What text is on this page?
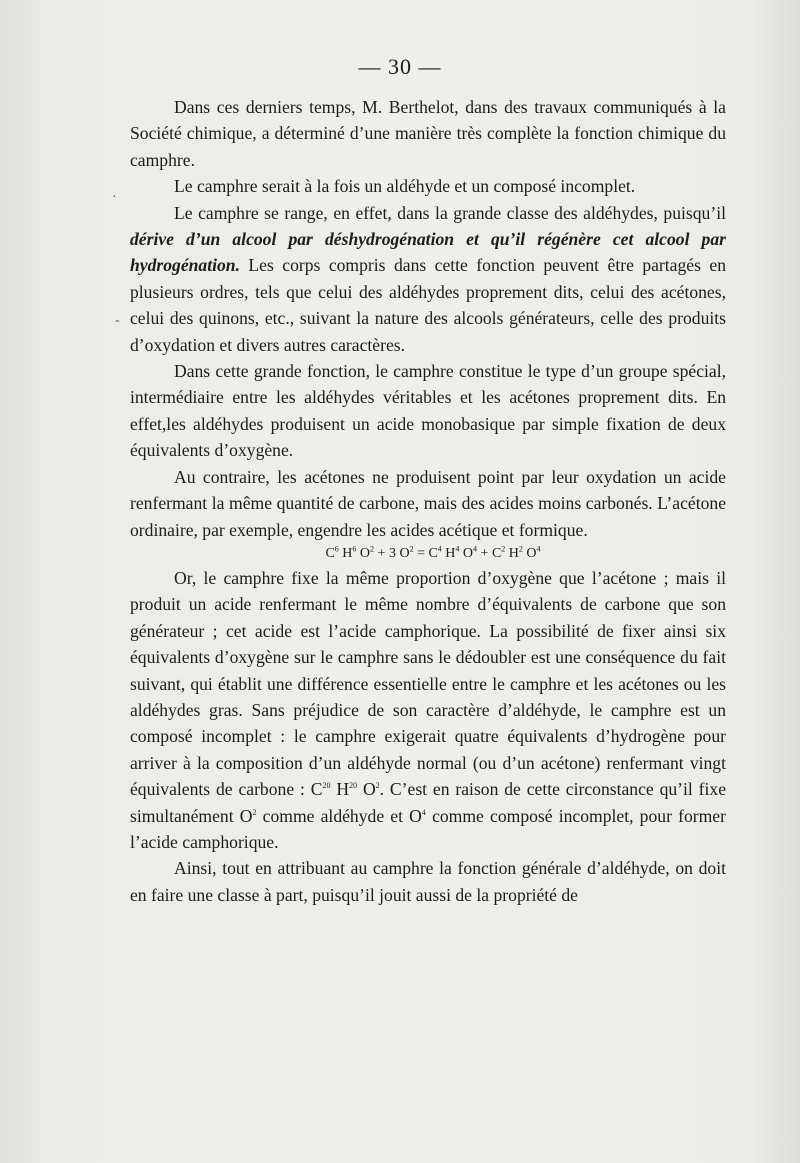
— 30 —

Dans ces derniers temps, M. Berthelot, dans des travaux communiqués à la Société chimique, a déterminé d’une manière très complète la fonction chimique du camphre.

Le camphre serait à la fois un aldéhyde et un composé incomplet.

Le camphre se range, en effet, dans la grande classe des aldéhydes, puisqu’il dérive d’un alcool par déshydrogénation et qu’il régénère cet alcool par hydrogénation. Les corps compris dans cette fonction peuvent être partagés en plusieurs ordres, tels que celui des aldéhydes proprement dits, celui des acétones, celui des quinons, etc., suivant la nature des alcools générateurs, celle des produits d’oxydation et divers autres caractères.

Dans cette grande fonction, le camphre constitue le type d’un groupe spécial, intermédiaire entre les aldéhydes véritables et les acétones proprement dits. En effet,les aldéhydes produisent un acide monobasique par simple fixation de deux équivalents d’oxygène.

Au contraire, les acétones ne produisent point par leur oxydation un acide renfermant la même quantité de carbone, mais des acides moins carbonés. L’acétone ordinaire, par exemple, engendre les acides acétique et formique.

$C^6$ $H^6$ $O^2 + 3$ $O^2 = C^4$ $H^4$ $O^4 + C^2$ $H^2$ $O^4$

Or, le camphre fixe la même proportion d’oxygène que l’acétone ; mais il produit un acide renfermant le même nombre d’équivalents de carbone que son générateur ; cet acide est l’acide camphorique. La possibilité de fixer ainsi six équivalents d’oxygène sur le camphre sans le dédoubler est une conséquence du fait suivant, qui établit une différence essentielle entre le camphre et les acétones ou les aldéhydes gras. Sans préjudice de son caractère d’aldéhyde, le camphre est un composé incomplet : le camphre exigerait quatre équivalents d’hydrogène pour arriver à la composition d’un aldéhyde normal (ou d’un acétone) renfermant vingt équivalents de carbone : $C^{20}$ $H^{20}$ $O^2$. C’est en raison de cette circonstance qu’il fixe simultanément $O^2$ comme aldéhyde et $O^4$ comme composé incomplet, pour former l’acide camphorique.

Ainsi, tout en attribuant au camphre la fonction générale d’aldéhyde, on doit en faire une classe à part, puisqu’il jouit aussi de la propriété de

·
-
